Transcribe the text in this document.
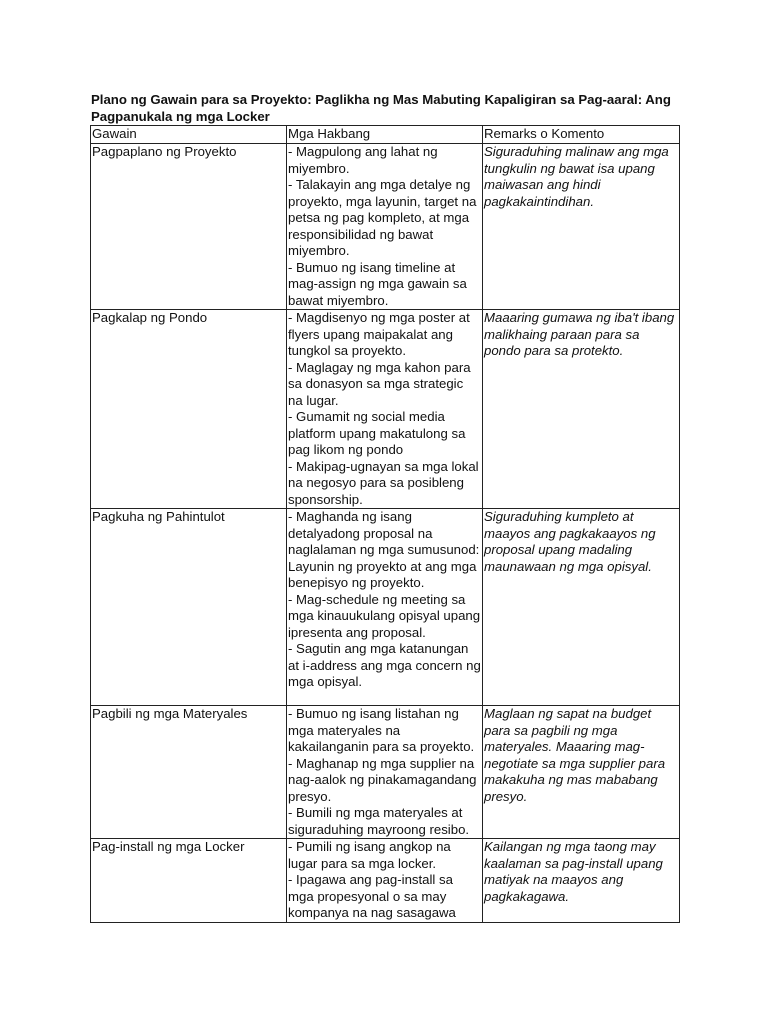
Plano ng Gawain para sa Proyekto: Paglikha ng Mas Mabuting Kapaligiran sa Pag-aaral: Ang Pagpanukala ng mga Locker

Gawain	Mga Hakbang	Remarks o Komento
Pagpaplano ng Proyekto	- Magpulong ang lahat ng miyembro.
- Talakayin ang mga detalye ng proyekto, mga layunin, target na petsa ng pag kompleto, at mga responsibilidad ng bawat miyembro.
- Bumuo ng isang timeline at mag-assign ng mga gawain sa bawat miyembro.	Siguraduhing malinaw ang mga tungkulin ng bawat isa upang maiwasan ang hindi pagkakaintindihan.
Pagkalap ng Pondo	- Magdisenyo ng mga poster at flyers upang maipakalat ang tungkol sa proyekto.
- Maglagay ng mga kahon para sa donasyon sa mga strategic na lugar.
- Gumamit ng social media platform upang makatulong sa pag likom ng pondo
- Makipag-ugnayan sa mga lokal na negosyo para sa posibleng sponsorship.	Maaaring gumawa ng iba't ibang malikhaing paraan para sa pondo para sa protekto.
Pagkuha ng Pahintulot	- Maghanda ng isang detalyadong proposal na naglalaman ng mga sumusunod: Layunin ng proyekto at ang mga benepisyo ng proyekto.
- Mag-schedule ng meeting sa mga kinauukulang opisyal upang ipresenta ang proposal.
- Sagutin ang mga katanungan at i-address ang mga concern ng mga opisyal.	Siguraduhing kumpleto at maayos ang pagkakaayos ng proposal upang madaling maunawaan ng mga opisyal.
Pagbili ng mga Materyales	- Bumuo ng isang listahan ng mga materyales na kakailanganin para sa proyekto.
- Maghanap ng mga supplier na nag-aalok ng pinakamagandang presyo.
- Bumili ng mga materyales at siguraduhing mayroong resibo.	Maglaan ng sapat na budget para sa pagbili ng mga materyales. Maaaring mag-negotiate sa mga supplier para makakuha ng mas mababang presyo.
Pag-install ng mga Locker	- Pumili ng isang angkop na lugar para sa mga locker.
- Ipagawa ang pag-install sa mga propesyonal o sa may kompanya na nag sasagawa	Kailangan ng mga taong may kaalaman sa pag-install upang matiyak na maayos ang pagkakagawa.
